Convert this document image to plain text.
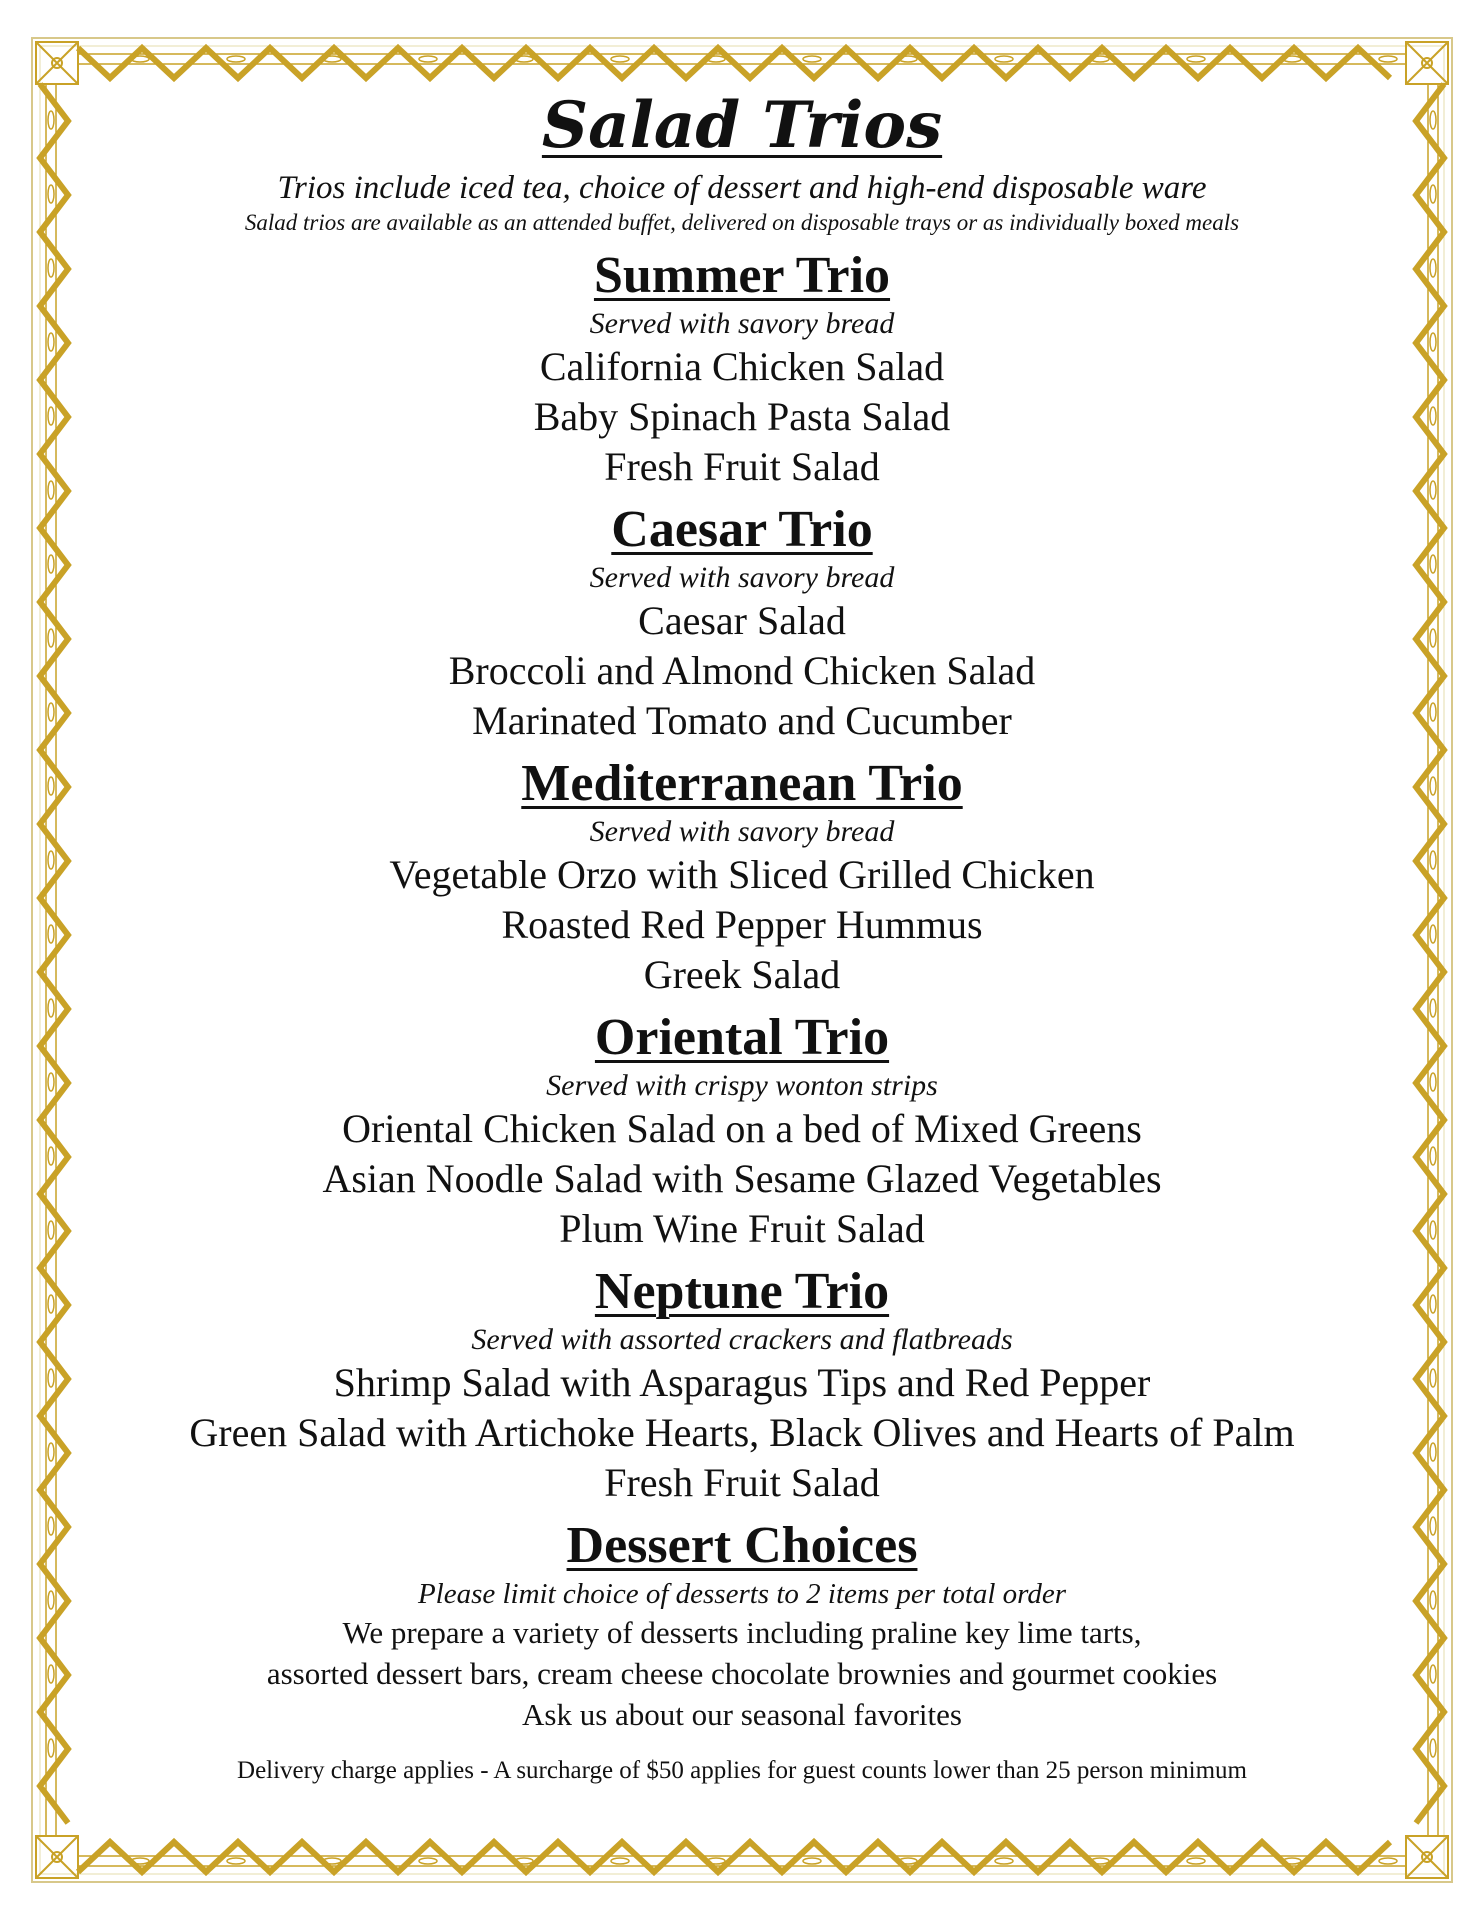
Salad Trios
Trios include iced tea, choice of dessert and high-end disposable ware
Salad trios are available as an attended buffet, delivered on disposable trays or as individually boxed meals
Summer Trio
Served with savory bread
California Chicken Salad
Baby Spinach Pasta Salad
Fresh Fruit Salad
Caesar Trio
Served with savory bread
Caesar Salad
Broccoli and Almond Chicken Salad
Marinated Tomato and Cucumber
Mediterranean Trio
Served with savory bread
Vegetable Orzo with Sliced Grilled Chicken
Roasted Red Pepper Hummus
Greek Salad
Oriental Trio
Served with crispy wonton strips
Oriental Chicken Salad on a bed of Mixed Greens
Asian Noodle Salad with Sesame Glazed Vegetables
Plum Wine Fruit Salad
Neptune Trio
Served with assorted crackers and flatbreads
Shrimp Salad with Asparagus Tips and Red Pepper
Green Salad with Artichoke Hearts, Black Olives and Hearts of Palm
Fresh Fruit Salad
Dessert Choices
Please limit choice of desserts to 2 items per total order
We prepare a variety of desserts including praline key lime tarts,
assorted dessert bars, cream cheese chocolate brownies and gourmet cookies
Ask us about our seasonal favorites
Delivery charge applies - A surcharge of $50 applies for guest counts lower than 25 person minimum
